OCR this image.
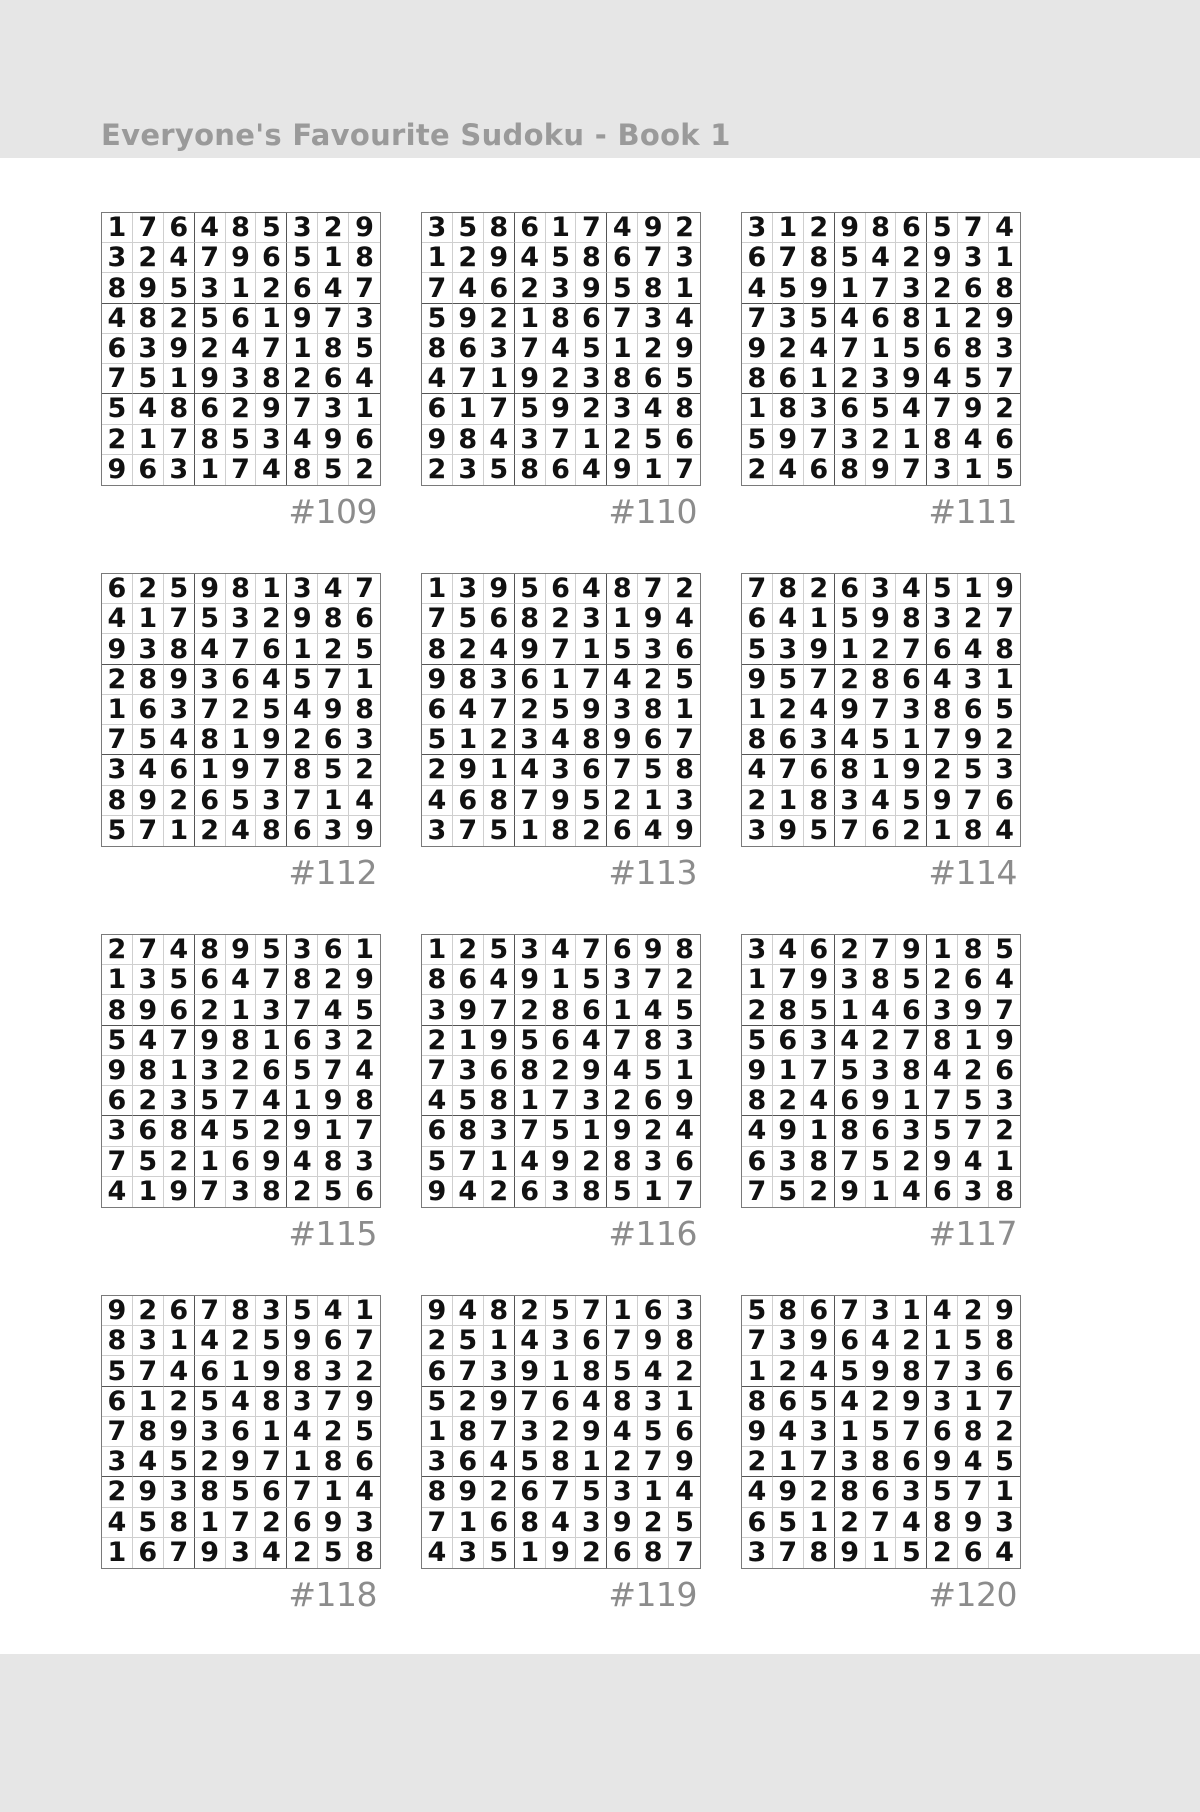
Everyone's Favourite Sudoku - Book 1
1 7 6 4 8 5 3 2 9
3 2 4 7 9 6 5 1 8
8 9 5 3 1 2 6 4 7
4 8 2 5 6 1 9 7 3
6 3 9 2 4 7 1 8 5
7 5 1 9 3 8 2 6 4
5 4 8 6 2 9 7 3 1
2 1 7 8 5 3 4 9 6
9 6 3 1 7 4 8 5 2
#109
3 5 8 6 1 7 4 9 2
1 2 9 4 5 8 6 7 3
7 4 6 2 3 9 5 8 1
5 9 2 1 8 6 7 3 4
8 6 3 7 4 5 1 2 9
4 7 1 9 2 3 8 6 5
6 1 7 5 9 2 3 4 8
9 8 4 3 7 1 2 5 6
2 3 5 8 6 4 9 1 7
#110
3 1 2 9 8 6 5 7 4
6 7 8 5 4 2 9 3 1
4 5 9 1 7 3 2 6 8
7 3 5 4 6 8 1 2 9
9 2 4 7 1 5 6 8 3
8 6 1 2 3 9 4 5 7
1 8 3 6 5 4 7 9 2
5 9 7 3 2 1 8 4 6
2 4 6 8 9 7 3 1 5
#111
6 2 5 9 8 1 3 4 7
4 1 7 5 3 2 9 8 6
9 3 8 4 7 6 1 2 5
2 8 9 3 6 4 5 7 1
1 6 3 7 2 5 4 9 8
7 5 4 8 1 9 2 6 3
3 4 6 1 9 7 8 5 2
8 9 2 6 5 3 7 1 4
5 7 1 2 4 8 6 3 9
#112
1 3 9 5 6 4 8 7 2
7 5 6 8 2 3 1 9 4
8 2 4 9 7 1 5 3 6
9 8 3 6 1 7 4 2 5
6 4 7 2 5 9 3 8 1
5 1 2 3 4 8 9 6 7
2 9 1 4 3 6 7 5 8
4 6 8 7 9 5 2 1 3
3 7 5 1 8 2 6 4 9
#113
7 8 2 6 3 4 5 1 9
6 4 1 5 9 8 3 2 7
5 3 9 1 2 7 6 4 8
9 5 7 2 8 6 4 3 1
1 2 4 9 7 3 8 6 5
8 6 3 4 5 1 7 9 2
4 7 6 8 1 9 2 5 3
2 1 8 3 4 5 9 7 6
3 9 5 7 6 2 1 8 4
#114
2 7 4 8 9 5 3 6 1
1 3 5 6 4 7 8 2 9
8 9 6 2 1 3 7 4 5
5 4 7 9 8 1 6 3 2
9 8 1 3 2 6 5 7 4
6 2 3 5 7 4 1 9 8
3 6 8 4 5 2 9 1 7
7 5 2 1 6 9 4 8 3
4 1 9 7 3 8 2 5 6
#115
1 2 5 3 4 7 6 9 8
8 6 4 9 1 5 3 7 2
3 9 7 2 8 6 1 4 5
2 1 9 5 6 4 7 8 3
7 3 6 8 2 9 4 5 1
4 5 8 1 7 3 2 6 9
6 8 3 7 5 1 9 2 4
5 7 1 4 9 2 8 3 6
9 4 2 6 3 8 5 1 7
#116
3 4 6 2 7 9 1 8 5
1 7 9 3 8 5 2 6 4
2 8 5 1 4 6 3 9 7
5 6 3 4 2 7 8 1 9
9 1 7 5 3 8 4 2 6
8 2 4 6 9 1 7 5 3
4 9 1 8 6 3 5 7 2
6 3 8 7 5 2 9 4 1
7 5 2 9 1 4 6 3 8
#117
9 2 6 7 8 3 5 4 1
8 3 1 4 2 5 9 6 7
5 7 4 6 1 9 8 3 2
6 1 2 5 4 8 3 7 9
7 8 9 3 6 1 4 2 5
3 4 5 2 9 7 1 8 6
2 9 3 8 5 6 7 1 4
4 5 8 1 7 2 6 9 3
1 6 7 9 3 4 2 5 8
#118
9 4 8 2 5 7 1 6 3
2 5 1 4 3 6 7 9 8
6 7 3 9 1 8 5 4 2
5 2 9 7 6 4 8 3 1
1 8 7 3 2 9 4 5 6
3 6 4 5 8 1 2 7 9
8 9 2 6 7 5 3 1 4
7 1 6 8 4 3 9 2 5
4 3 5 1 9 2 6 8 7
#119
5 8 6 7 3 1 4 2 9
7 3 9 6 4 2 1 5 8
1 2 4 5 9 8 7 3 6
8 6 5 4 2 9 3 1 7
9 4 3 1 5 7 6 8 2
2 1 7 3 8 6 9 4 5
4 9 2 8 6 3 5 7 1
6 5 1 2 7 4 8 9 3
3 7 8 9 1 5 2 6 4
#120
